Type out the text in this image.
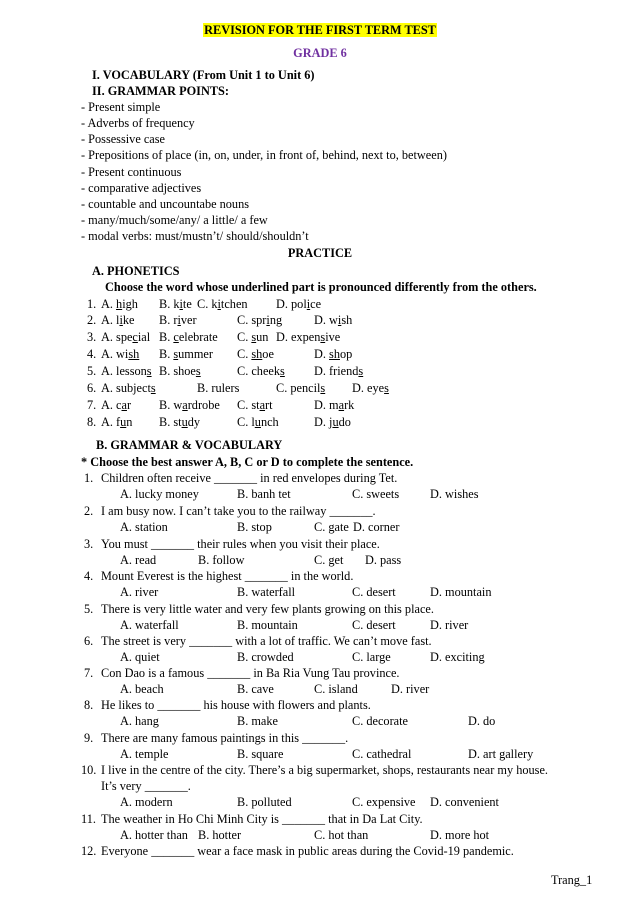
REVISION FOR THE FIRST TERM TEST
GRADE 6
I. VOCABULARY (From Unit 1 to Unit 6)
II. GRAMMAR POINTS:
- Present simple
- Adverbs of frequency
- Possessive case
- Prepositions of place (in, on, under, in front of, behind, next to, between)
- Present continuous
- comparative adjectives
- countable and uncountabe nouns
- many/much/some/any/ a little/ a few
- modal verbs: must/mustn’t/ should/shouldn’t
PRACTICE
A. PHONETICS
Choose the word whose underlined part is pronounced differently from the others.
1. A. high B. kite C. kitchen D. police
2. A. like B. river	C. spring	D. wish
3. A. special B. celebrate C. sun D. expensive
4. A. wish B. summer C. shoe	D. shop
5. A. lessons B. shoes	C. cheeks D. friends
6. A. subjects	B. rulers	C. pencils D. eyes
7. A. car B. wardrobe C. start	D. mark
8. A. fun B. study	C. lunch	D. judo
B. GRAMMAR & VOCABULARY
* Choose the best answer A, B, C or D to complete the sentence.
1. Children often receive _______ in red envelopes during Tet.
A. lucky money	B. banh tet	C. sweets	D. wishes
2. I am busy now. I can’t take you to the railway _______.
A. station	B. stop	C. gate D. corner
3. You must _______ their rules when you visit their place.
A. read	B. follow	C. get D. pass
4. Mount Everest is the highest _______ in the world.
A. river	B. waterfall	C. desert	D. mountain
5. There is very little water and very few plants growing on this place.
A. waterfall	B. mountain	C. desert	D. river
6. The street is very _______ with a lot of traffic. We can’t move fast.
A. quiet	B. crowded	C. large	D. exciting
7. Con Dao is a famous _______ in Ba Ria Vung Tau province.
A. beach	B. cave	C. island	D. river
8. He likes to _______ his house with flowers and plants.
A. hang	B. make	C. decorate	D. do
9. There are many famous paintings in this _______.
A. temple	B. square	C. cathedral	D. art gallery
10. I live in the centre of the city. There’s a big supermarket, shops, restaurants near my house.
It’s very _______.
A. modern	B. polluted	C. expensive D. convenient
11. The weather in Ho Chi Minh City is _______ that in Da Lat City.
A. hotter than B. hotter	C. hot than	D. more hot
12. Everyone _______ wear a face mask in public areas during the Covid-19 pandemic.
Trang_1
